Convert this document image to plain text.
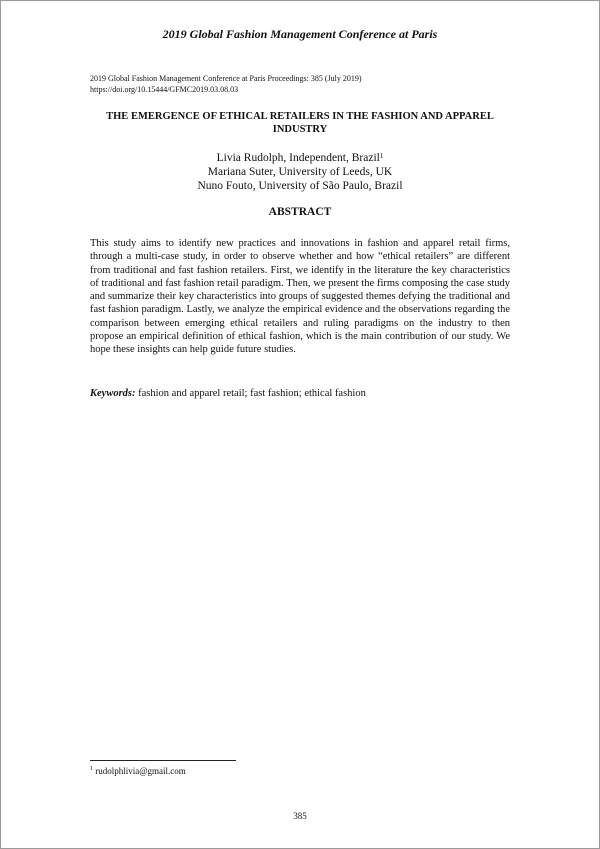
2019 Global Fashion Management Conference at Paris
2019 Global Fashion Management Conference at Paris Proceedings: 385 (July 2019)
https://doi.org/10.15444/GFMC2019.03.08.03
THE EMERGENCE OF ETHICAL RETAILERS IN THE FASHION AND APPAREL INDUSTRY
Livia Rudolph, Independent, Brazil$^1$
Mariana Suter, University of Leeds, UK
Nuno Fouto, University of São Paulo, Brazil
ABSTRACT
This study aims to identify new practices and innovations in fashion and apparel retail firms, through a multi-case study, in order to observe whether and how “ethical retailers” are different from traditional and fast fashion retailers. First, we identify in the literature the key characteristics of traditional and fast fashion retail paradigm. Then, we present the firms composing the case study and summarize their key characteristics into groups of suggested themes defying the traditional and fast fashion paradigm. Lastly, we analyze the empirical evidence and the observations regarding the comparison between emerging ethical retailers and ruling paradigms on the industry to then propose an empirical definition of ethical fashion, which is the main contribution of our study. We hope these insights can help guide future studies.
Keywords: fashion and apparel retail; fast fashion; ethical fashion
$^1$ rudolphlivia@gmail.com
385
